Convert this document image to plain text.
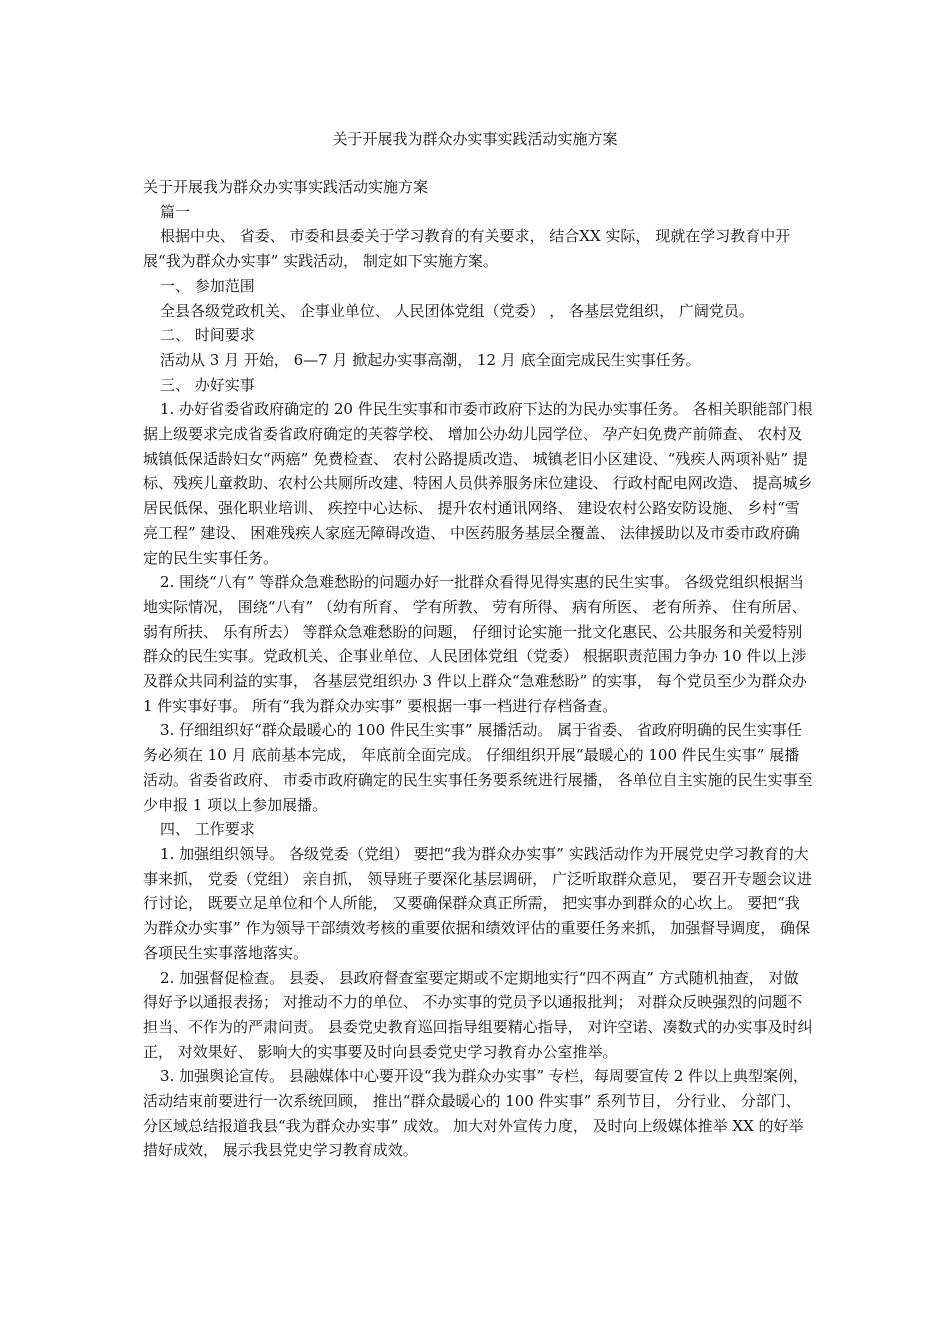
关于开展我为群众办实事实践活动实施方案

关于开展我为群众办实事实践活动实施方案

篇一

根据中央、 省委、 市委和县委关于学习教育的有关要求， 结合XX 实际， 现就在学习教育中开展“我为群众办实事” 实践活动， 制定如下实施方案。

一、 参加范围

全县各级党政机关、 企事业单位、 人民团体党组（党委） ， 各基层党组织， 广阔党员。

二、 时间要求

活动从 3 月 开始， 6—7 月 掀起办实事高潮， 12 月 底全面完成民生实事任务。

三、 办好实事

1. 办好省委省政府确定的 20 件民生实事和市委市政府下达的为民办实事任务。 各相关职能部门根据上级要求完成省委省政府确定的芙蓉学校、 增加公办幼儿园学位、 孕产妇免费产前筛查、 农村及城镇低保适龄妇女“两癌” 免费检查、 农村公路提质改造、 城镇老旧小区建设、“残疾人两项补贴” 提标、残疾儿童救助、农村公共厕所改建、特困人员供养服务床位建设、 行政村配电网改造、 提高城乡居民低保、强化职业培训、 疾控中心达标、 提升农村通讯网络、 建设农村公路安防设施、 乡村“雪亮工程” 建设、 困难残疾人家庭无障碍改造、 中医药服务基层全覆盖、 法律援助以及市委市政府确定的民生实事任务。

2. 围绕“八有” 等群众急难愁盼的问题办好一批群众看得见得实惠的民生实事。 各级党组织根据当地实际情况， 围绕“八有” （幼有所育、 学有所教、 劳有所得、 病有所医、 老有所养、 住有所居、 弱有所扶、 乐有所去） 等群众急难愁盼的问题， 仔细讨论实施一批文化惠民、公共服务和关爱特别群众的民生实事。党政机关、企事业单位、人民团体党组（党委） 根据职责范围力争办 10 件以上涉及群众共同利益的实事， 各基层党组织办 3 件以上群众“急难愁盼” 的实事， 每个党员至少为群众办 1 件实事好事。 所有“我为群众办实事” 要根据一事一档进行存档备查。

3. 仔细组织好“群众最暖心的 100 件民生实事” 展播活动。 属于省委、 省政府明确的民生实事任务必须在 10 月 底前基本完成， 年底前全面完成。 仔细组织开展“最暖心的 100 件民生实事” 展播活动。省委省政府、 市委市政府确定的民生实事任务要系统进行展播， 各单位自主实施的民生实事至少申报 1 项以上参加展播。

四、 工作要求

1. 加强组织领导。 各级党委（党组） 要把“我为群众办实事” 实践活动作为开展党史学习教育的大事来抓， 党委（党组） 亲自抓， 领导班子要深化基层调研， 广泛听取群众意见， 要召开专题会议进行讨论， 既要立足单位和个人所能， 又要确保群众真正所需， 把实事办到群众的心坎上。 要把“我为群众办实事” 作为领导干部绩效考核的重要依据和绩效评估的重要任务来抓， 加强督导调度， 确保各项民生实事落地落实。

2. 加强督促检查。 县委、 县政府督查室要定期或不定期地实行“四不两直” 方式随机抽查， 对做得好予以通报表扬； 对推动不力的单位、 不办实事的党员予以通报批判； 对群众反映强烈的问题不担当、不作为的严肃问责。 县委党史教育巡回指导组要精心指导， 对许空诺、凑数式的办实事及时纠正， 对效果好、 影响大的实事要及时向县委党史学习教育办公室推举。

3. 加强舆论宣传。 县融媒体中心要开设“我为群众办实事” 专栏，每周要宣传 2 件以上典型案例， 活动结束前要进行一次系统回顾， 推出“群众最暖心的 100 件实事” 系列节目， 分行业、 分部门、 分区域总结报道我县“我为群众办实事” 成效。 加大对外宣传力度， 及时向上级媒体推举 XX 的好举措好成效， 展示我县党史学习教育成效。
